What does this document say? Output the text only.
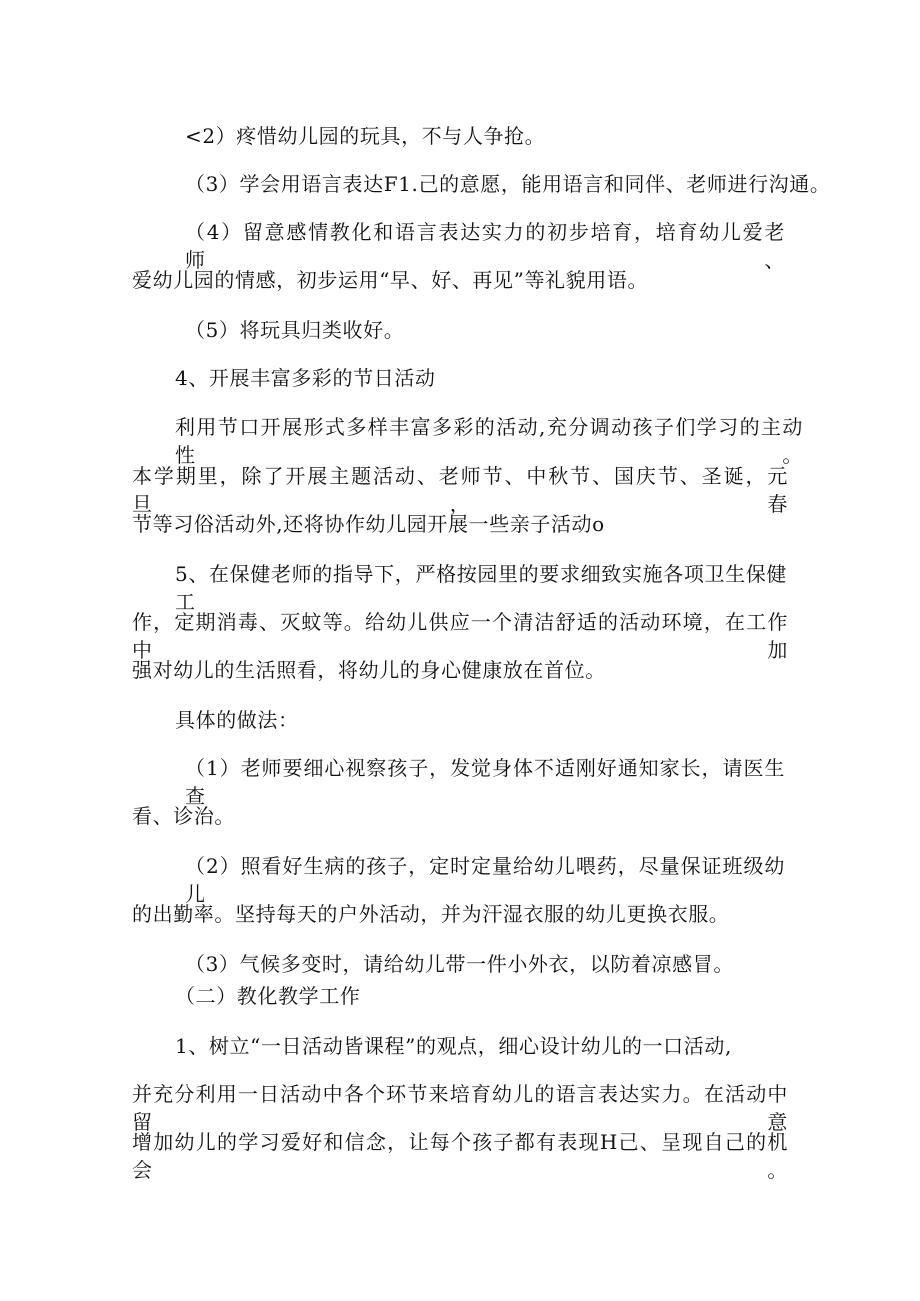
<2）疼惜幼儿园的玩具，不与人争抢。
（3）学会用语言表达F1.己的意愿，能用语言和同伴、老师进行沟通。
（4）留意感情教化和语言表达实力的初步培育，培育幼儿爱老师、
爱幼儿园的情感，初步运用“早、好、再见”等礼貌用语。
（5）将玩具归类收好。
4、开展丰富多彩的节日活动
利用节口开展形式多样丰富多彩的活动,充分调动孩子们学习的主动性。
本学期里，除了开展主题活动、老师节、中秋节、国庆节、圣诞，元旦，春
节等习俗活动外,还将协作幼儿园开展一些亲子活动o
5、在保健老师的指导下，严格按园里的要求细致实施各项卫生保健工
作，定期消毒、灭蚊等。给幼儿供应一个清洁舒适的活动环境，在工作中加
强对幼儿的生活照看，将幼儿的身心健康放在首位。
具体的做法：
（1）老师要细心视察孩子，发觉身体不适刚好通知家长，请医生查
看、诊治。
（2）照看好生病的孩子，定时定量给幼儿喂药，尽量保证班级幼儿
的出勤率。坚持每天的户外活动，并为汗湿衣服的幼儿更换衣服。
（3）气候多变时，请给幼儿带一件小外衣，以防着凉感冒。
（二）教化教学工作
1、树立“一日活动皆课程”的观点，细心设计幼儿的一口活动,
并充分利用一日活动中各个环节来培育幼儿的语言表达实力。在活动中留意
增加幼儿的学习爱好和信念，让每个孩子都有表现H己、呈现自己的机会。
